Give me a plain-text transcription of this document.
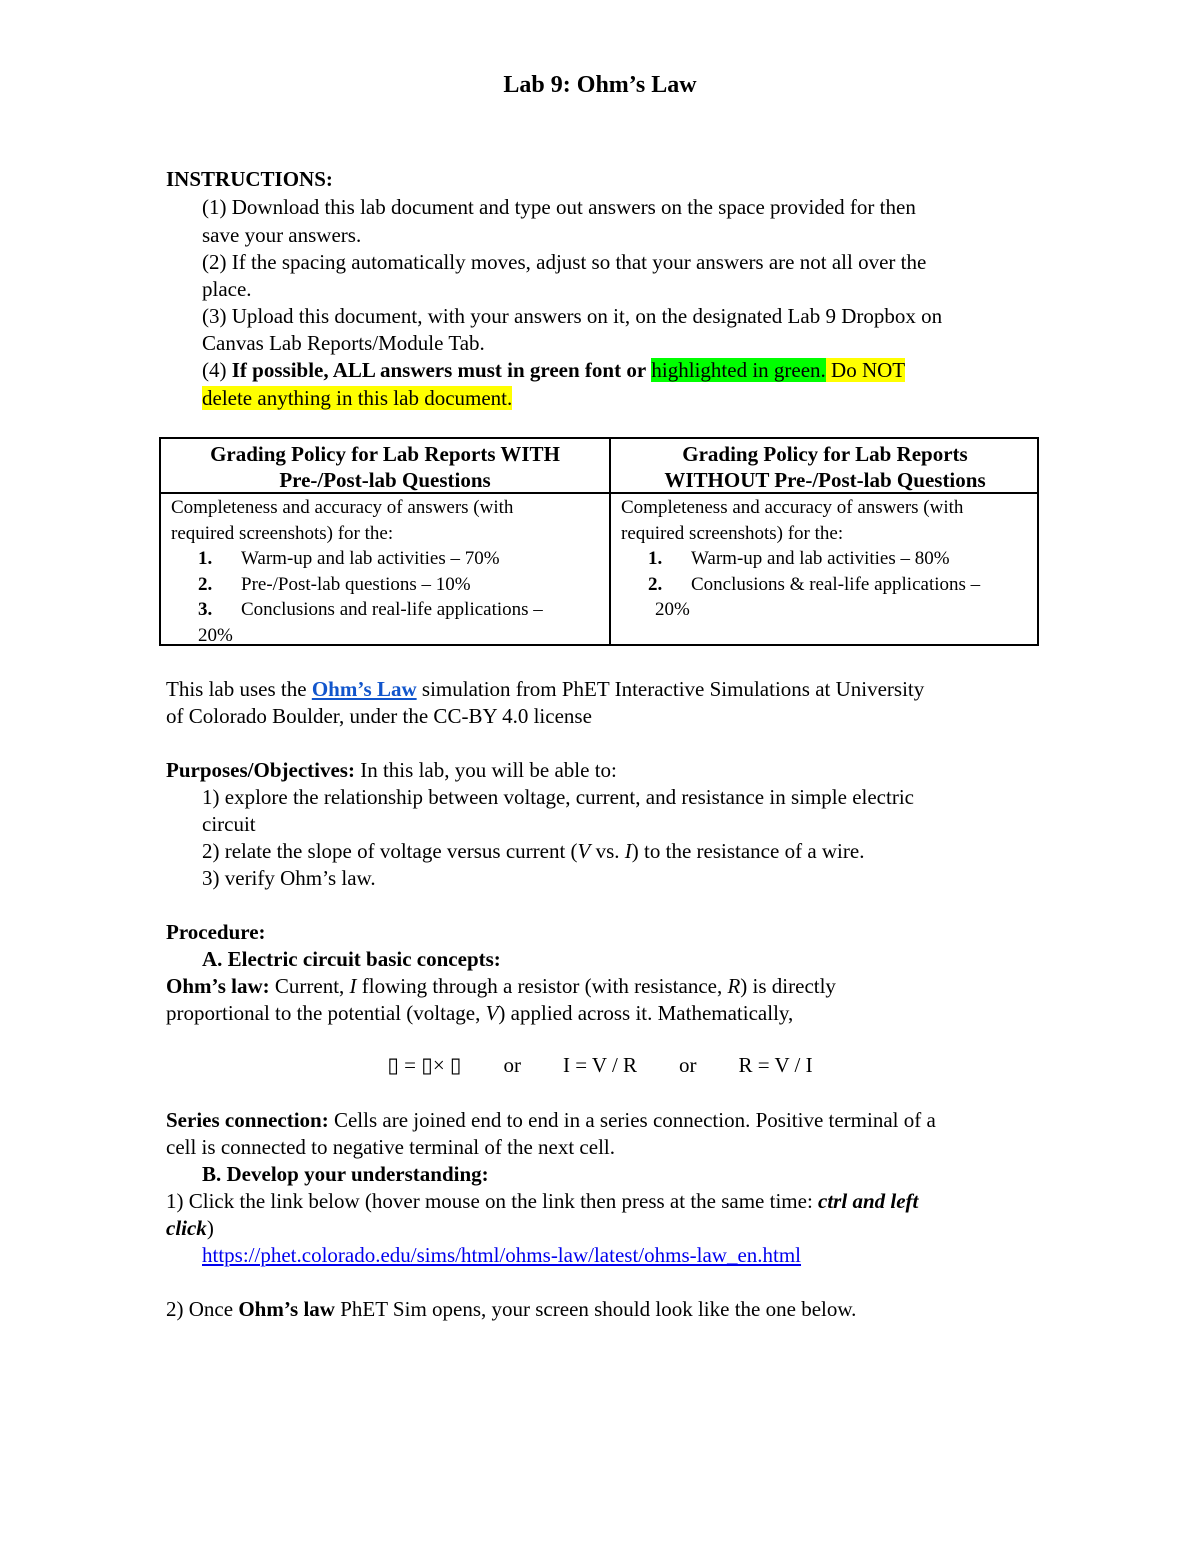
Lab 9: Ohm’s Law
INSTRUCTIONS:
(1) Download this lab document and type out answers on the space provided for then
save your answers.
(2) If the spacing automatically moves, adjust so that your answers are not all over the
place.
(3) Upload this document, with your answers on it, on the designated Lab 9 Dropbox on
Canvas Lab Reports/Module Tab.
(4) If possible, ALL answers must in green font or highlighted in green. Do NOT
delete anything in this lab document.
Grading Policy for Lab Reports WITH
Pre-/Post-lab Questions
Grading Policy for Lab Reports
WITHOUT Pre-/Post-lab Questions
Completeness and accuracy of answers (with
required screenshots) for the:
1. Warm-up and lab activities – 70%
2. Pre-/Post-lab questions – 10%
3. Conclusions and real-life applications –
20%
Completeness and accuracy of answers (with
required screenshots) for the:
1. Warm-up and lab activities – 80%
2. Conclusions & real-life applications –
20%
This lab uses the Ohm’s Law simulation from PhET Interactive Simulations at University
of Colorado Boulder, under the CC-BY 4.0 license
Purposes/Objectives: In this lab, you will be able to:
1) explore the relationship between voltage, current, and resistance in simple electric
circuit
2) relate the slope of voltage versus current (V vs. I) to the resistance of a wire.
3) verify Ohm’s law.
Procedure:
A. Electric circuit basic concepts:
Ohm’s law: Current, I flowing through a resistor (with resistance, R) is directly
proportional to the potential (voltage, V) applied across it. Mathematically,
▯ = ▯× ▯        or        I = V / R        or        R = V / I
Series connection: Cells are joined end to end in a series connection. Positive terminal of a
cell is connected to negative terminal of the next cell.
B. Develop your understanding:
1) Click the link below (hover mouse on the link then press at the same time: ctrl and left
click)
https://phet.colorado.edu/sims/html/ohms-law/latest/ohms-law_en.html
2) Once Ohm’s law PhET Sim opens, your screen should look like the one below.
